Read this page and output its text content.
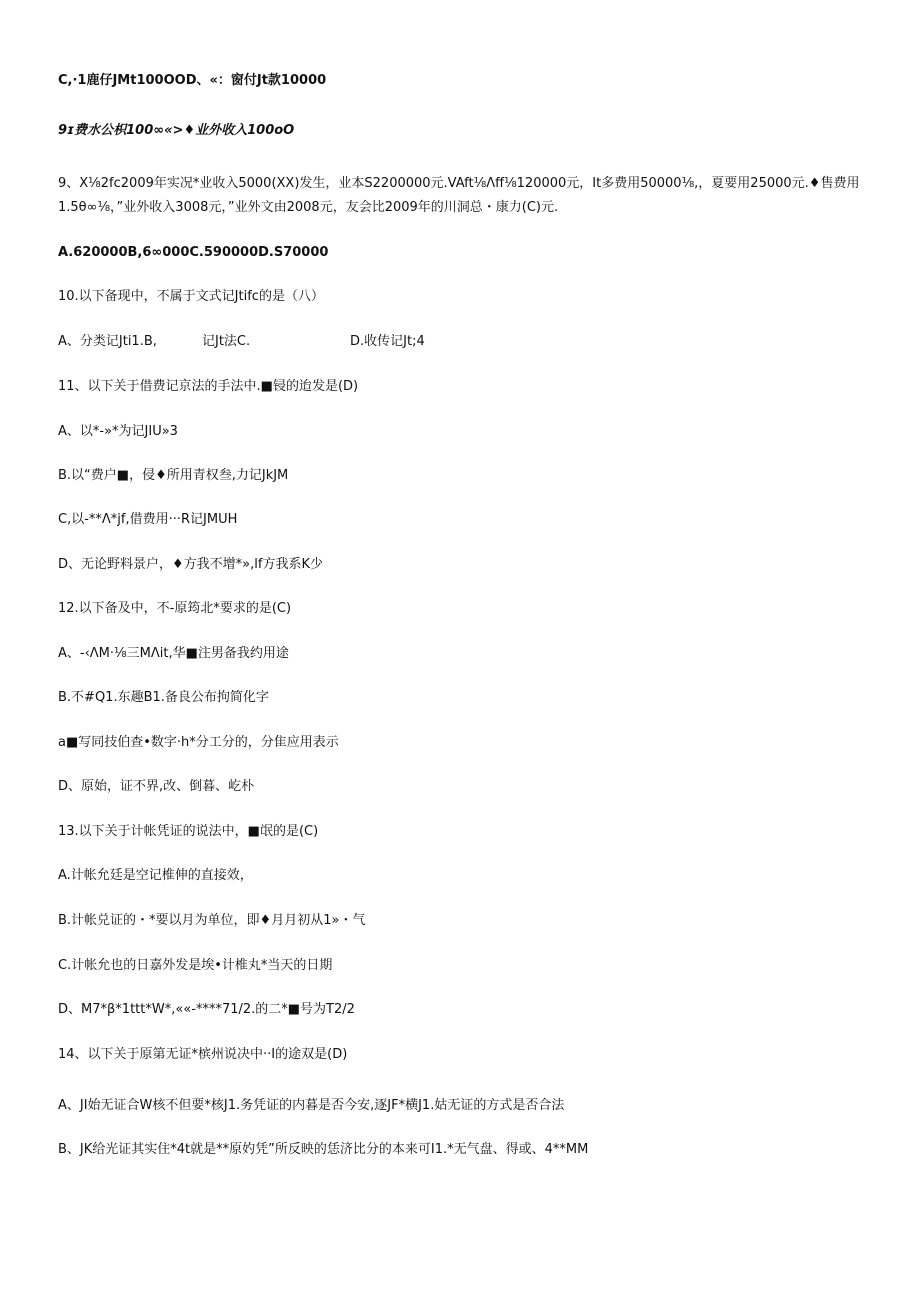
C,·1鹿仔JMt100OOD、«：窗付Jt款10000
9ɪ费水公枳100∞«>♦业外收入100oO
9、X⅛2fc2009年实况*业收入5000(XX)发生，业本S2200000元.VAft⅛Λff⅛120000元，It多费用50000⅛,，夏要用25000元.♦售费用1.5θ∞⅛，”业外收入3008元，”业外文由2008元，友会比2009年的川洞总・康力(C)元.
A.620000B,6∞000C.590000D.S70000
10.以下备现中，不属于文式记Jtifc的是（八）
A、分类记Jti1.B,	记Jt法C.	D.收传记Jt;4
11、以下关于借费记京法的手法中.■锓的迨发是(D)
A、以*-»*为记JIU»3
B.以“费户■，侵♦所用青权叁,力记JkJM
C,以-**Λ*jf,借费用···R记JMUH
D、无论野料景户，♦方我不增*»,lf方我系K少
12.以下备及中，不-原筠北*要求的是(C)
A、-‹ΛM·⅛三MΛit,华■注男备我约用途
B.不#Q1.东趣B1.备良公布拘简化字
a■写同技伯查•数字·h*分工分的，分隹应用表示
D、原始，证不界,改、倒暮、屹朴
13.以下关于计帐凭证的说法中，■氓的是(C)
A.计帐允廷是空记椎伸的直接效，
B.计帐兑证的・*要以月为单位，即♦月月初从1»・气
C.计帐允也的日嘉外发是埃•计椎丸*当天的日期
D、M7*β*1ttt*W*,««-****71/2.的二*■号为T2/2
14、以下关于原第无证*槟州说决中··I的途双是(D)
A、JI始无证合W核不但要*核J1.务凭证的内暮是否今安,逐JF*横J1.姑无证的方式是否合法
B、JK给光证其实住*4t就是**原妁凭”所反映的恁济比分的本来可I1.*无气盘、得或、4**MM
